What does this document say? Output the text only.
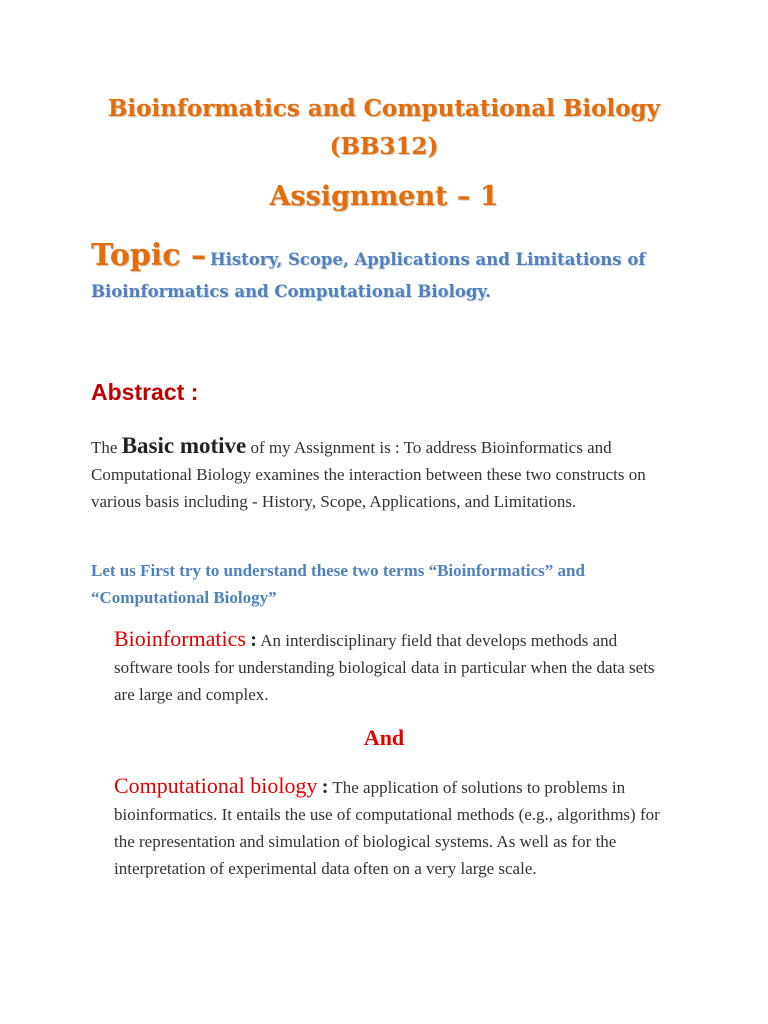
Bioinformatics and Computational Biology
(BB312)
Assignment – 1

Topic – History, Scope, Applications and Limitations of

Bioinformatics and Computational Biology.

Abstract :

The Basic motive of my Assignment is : To address Bioinformatics and Computational Biology examines the interaction between these two constructs on various basis including - History, Scope, Applications, and Limitations.

Let us First try to understand these two terms “Bioinformatics” and “Computational Biology”

Bioinformatics : An interdisciplinary field that develops methods and software tools for understanding biological data in particular when the data sets are large and complex.

And

Computational biology : The application of solutions to problems in bioinformatics. It entails the use of computational methods (e.g., algorithms) for the representation and simulation of biological systems. As well as for the interpretation of experimental data often on a very large scale.
